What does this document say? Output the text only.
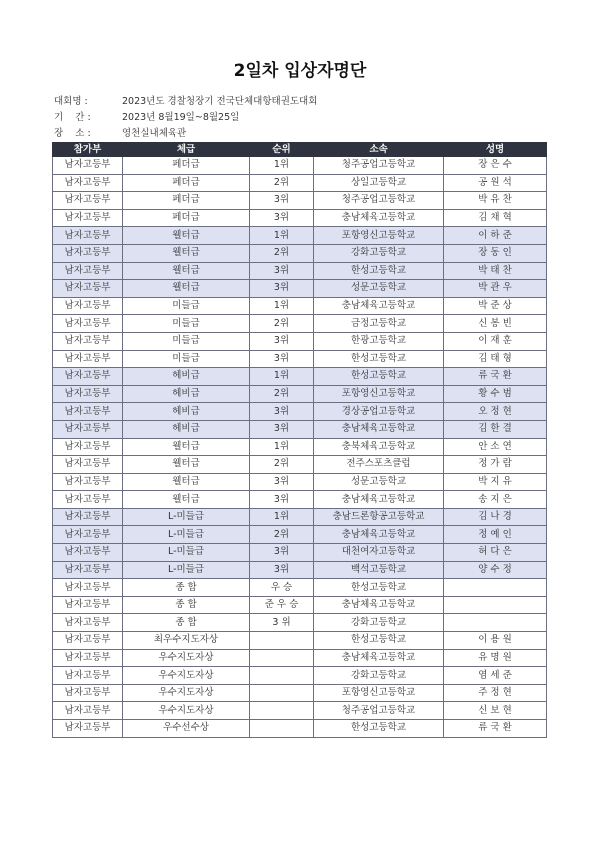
2일차 입상자명단
대회명 :	2023년도 경찰청장기 전국단체대항태권도대회
기    간 :	2023년 8월19일~8월25일
장    소 :	영천실내체육관
참가부	체급	순위	소속	성명
남자고등부	페더급	1위	청주공업고등학교	장 은 수
남자고등부	페더급	2위	상일고등학교	공 원 석
남자고등부	페더급	3위	청주공업고등학교	박 유 찬
남자고등부	페더급	3위	충남체육고등학교	김 채 혁
남자고등부	웰터급	1위	포항영신고등학교	이 하 준
남자고등부	웰터급	2위	강화고등학교	장 동 인
남자고등부	웰터급	3위	한성고등학교	박 태 찬
남자고등부	웰터급	3위	성문고등학교	박 관 우
남자고등부	미들급	1위	충남체육고등학교	박 준 상
남자고등부	미들급	2위	금정고등학교	신 봉 빈
남자고등부	미들급	3위	한광고등학교	이 재 훈
남자고등부	미들급	3위	한성고등학교	김 태 형
남자고등부	헤비급	1위	한성고등학교	류 국 환
남자고등부	헤비급	2위	포항영신고등학교	황 수 범
남자고등부	헤비급	3위	경상공업고등학교	오 정 현
남자고등부	헤비급	3위	충남체육고등학교	김 한 결
남자고등부	웰터급	1위	충북체육고등학교	안 소 연
남자고등부	웰터급	2위	전주스포츠클럽	정 가 람
남자고등부	웰터급	3위	성문고등학교	박 지 유
남자고등부	웰터급	3위	충남체육고등학교	송 지 은
남자고등부	L-미들급	1위	충남드론항공고등학교	김 나 경
남자고등부	L-미들급	2위	충남체육고등학교	정 예 인
남자고등부	L-미들급	3위	대천여자고등학교	허 다 은
남자고등부	L-미들급	3위	백석고등학교	양 수 정
남자고등부	종 합	우 승	한성고등학교	
남자고등부	종 합	준 우 승	충남체육고등학교	
남자고등부	종 합	3 위	강화고등학교	
남자고등부	최우수지도자상		한성고등학교	이 용 원
남자고등부	우수지도자상		충남체육고등학교	유 명 원
남자고등부	우수지도자상		강화고등학교	염 세 준
남자고등부	우수지도자상		포항영신고등학교	주 정 현
남자고등부	우수지도자상		청주공업고등학교	신 보 현
남자고등부	우수선수상		한성고등학교	류 국 환
